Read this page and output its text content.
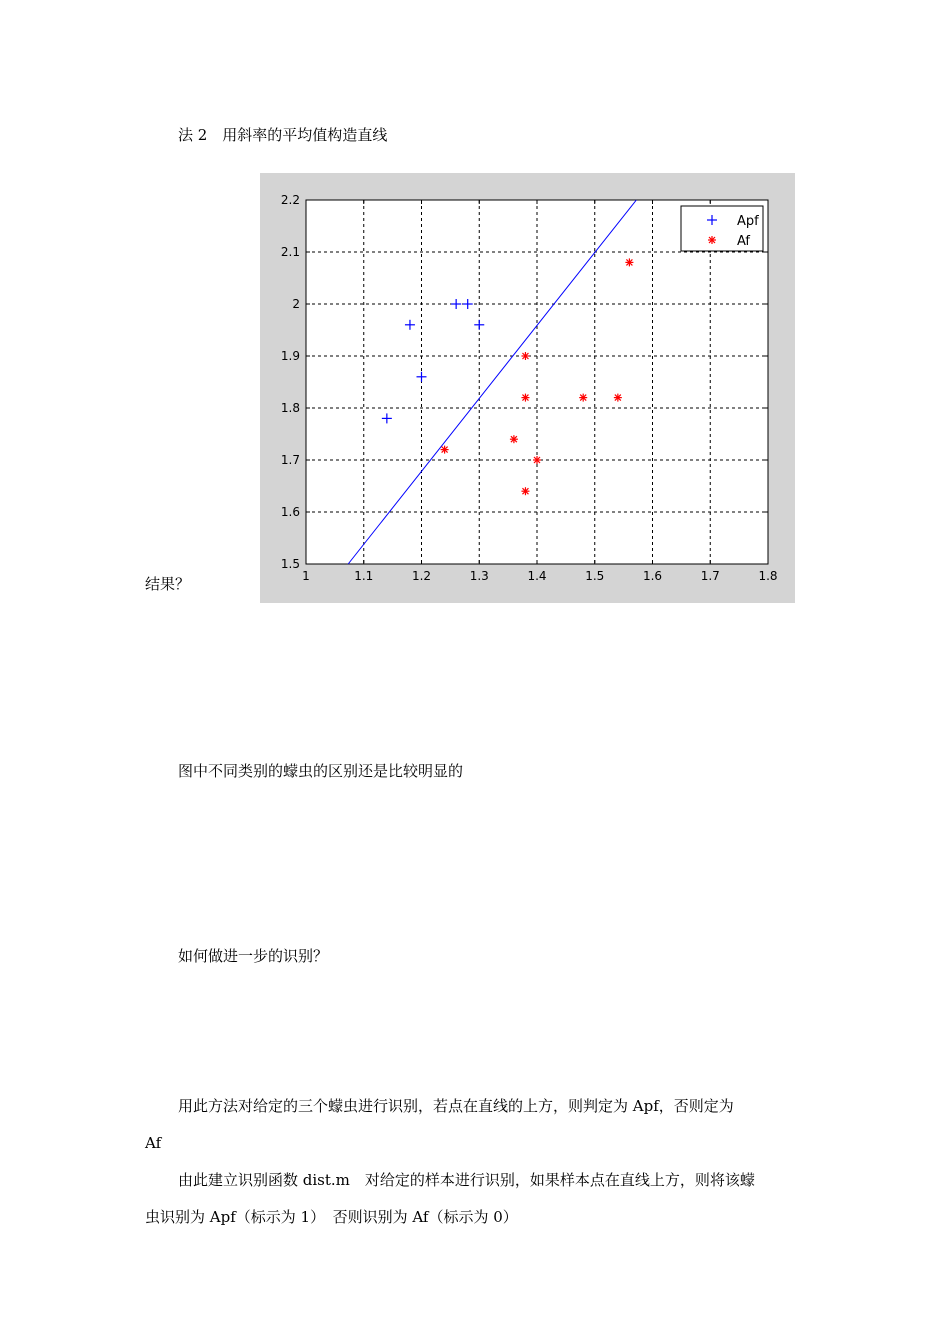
法 2　用斜率的平均值构造直线
结果？	1	1.1	1.2	1.3	1.4	1.5	1.6	1.7	1.8
1.5
1.6
1.7
1.8
1.9
2
2.1
2.2
Apf
Af
图中不同类别的蠓虫的区别还是比较明显的
如何做进一步的识别？
用此方法对给定的三个蠓虫进行识别，若点在直线的上方，则判定为 Apf，否则定为
Af
由此建立识别函数 dist.m　对给定的样本进行识别，如果样本点在直线上方，则将该蠓
虫识别为 Apf（标示为 1）　否则识别为 Af（标示为 0）
